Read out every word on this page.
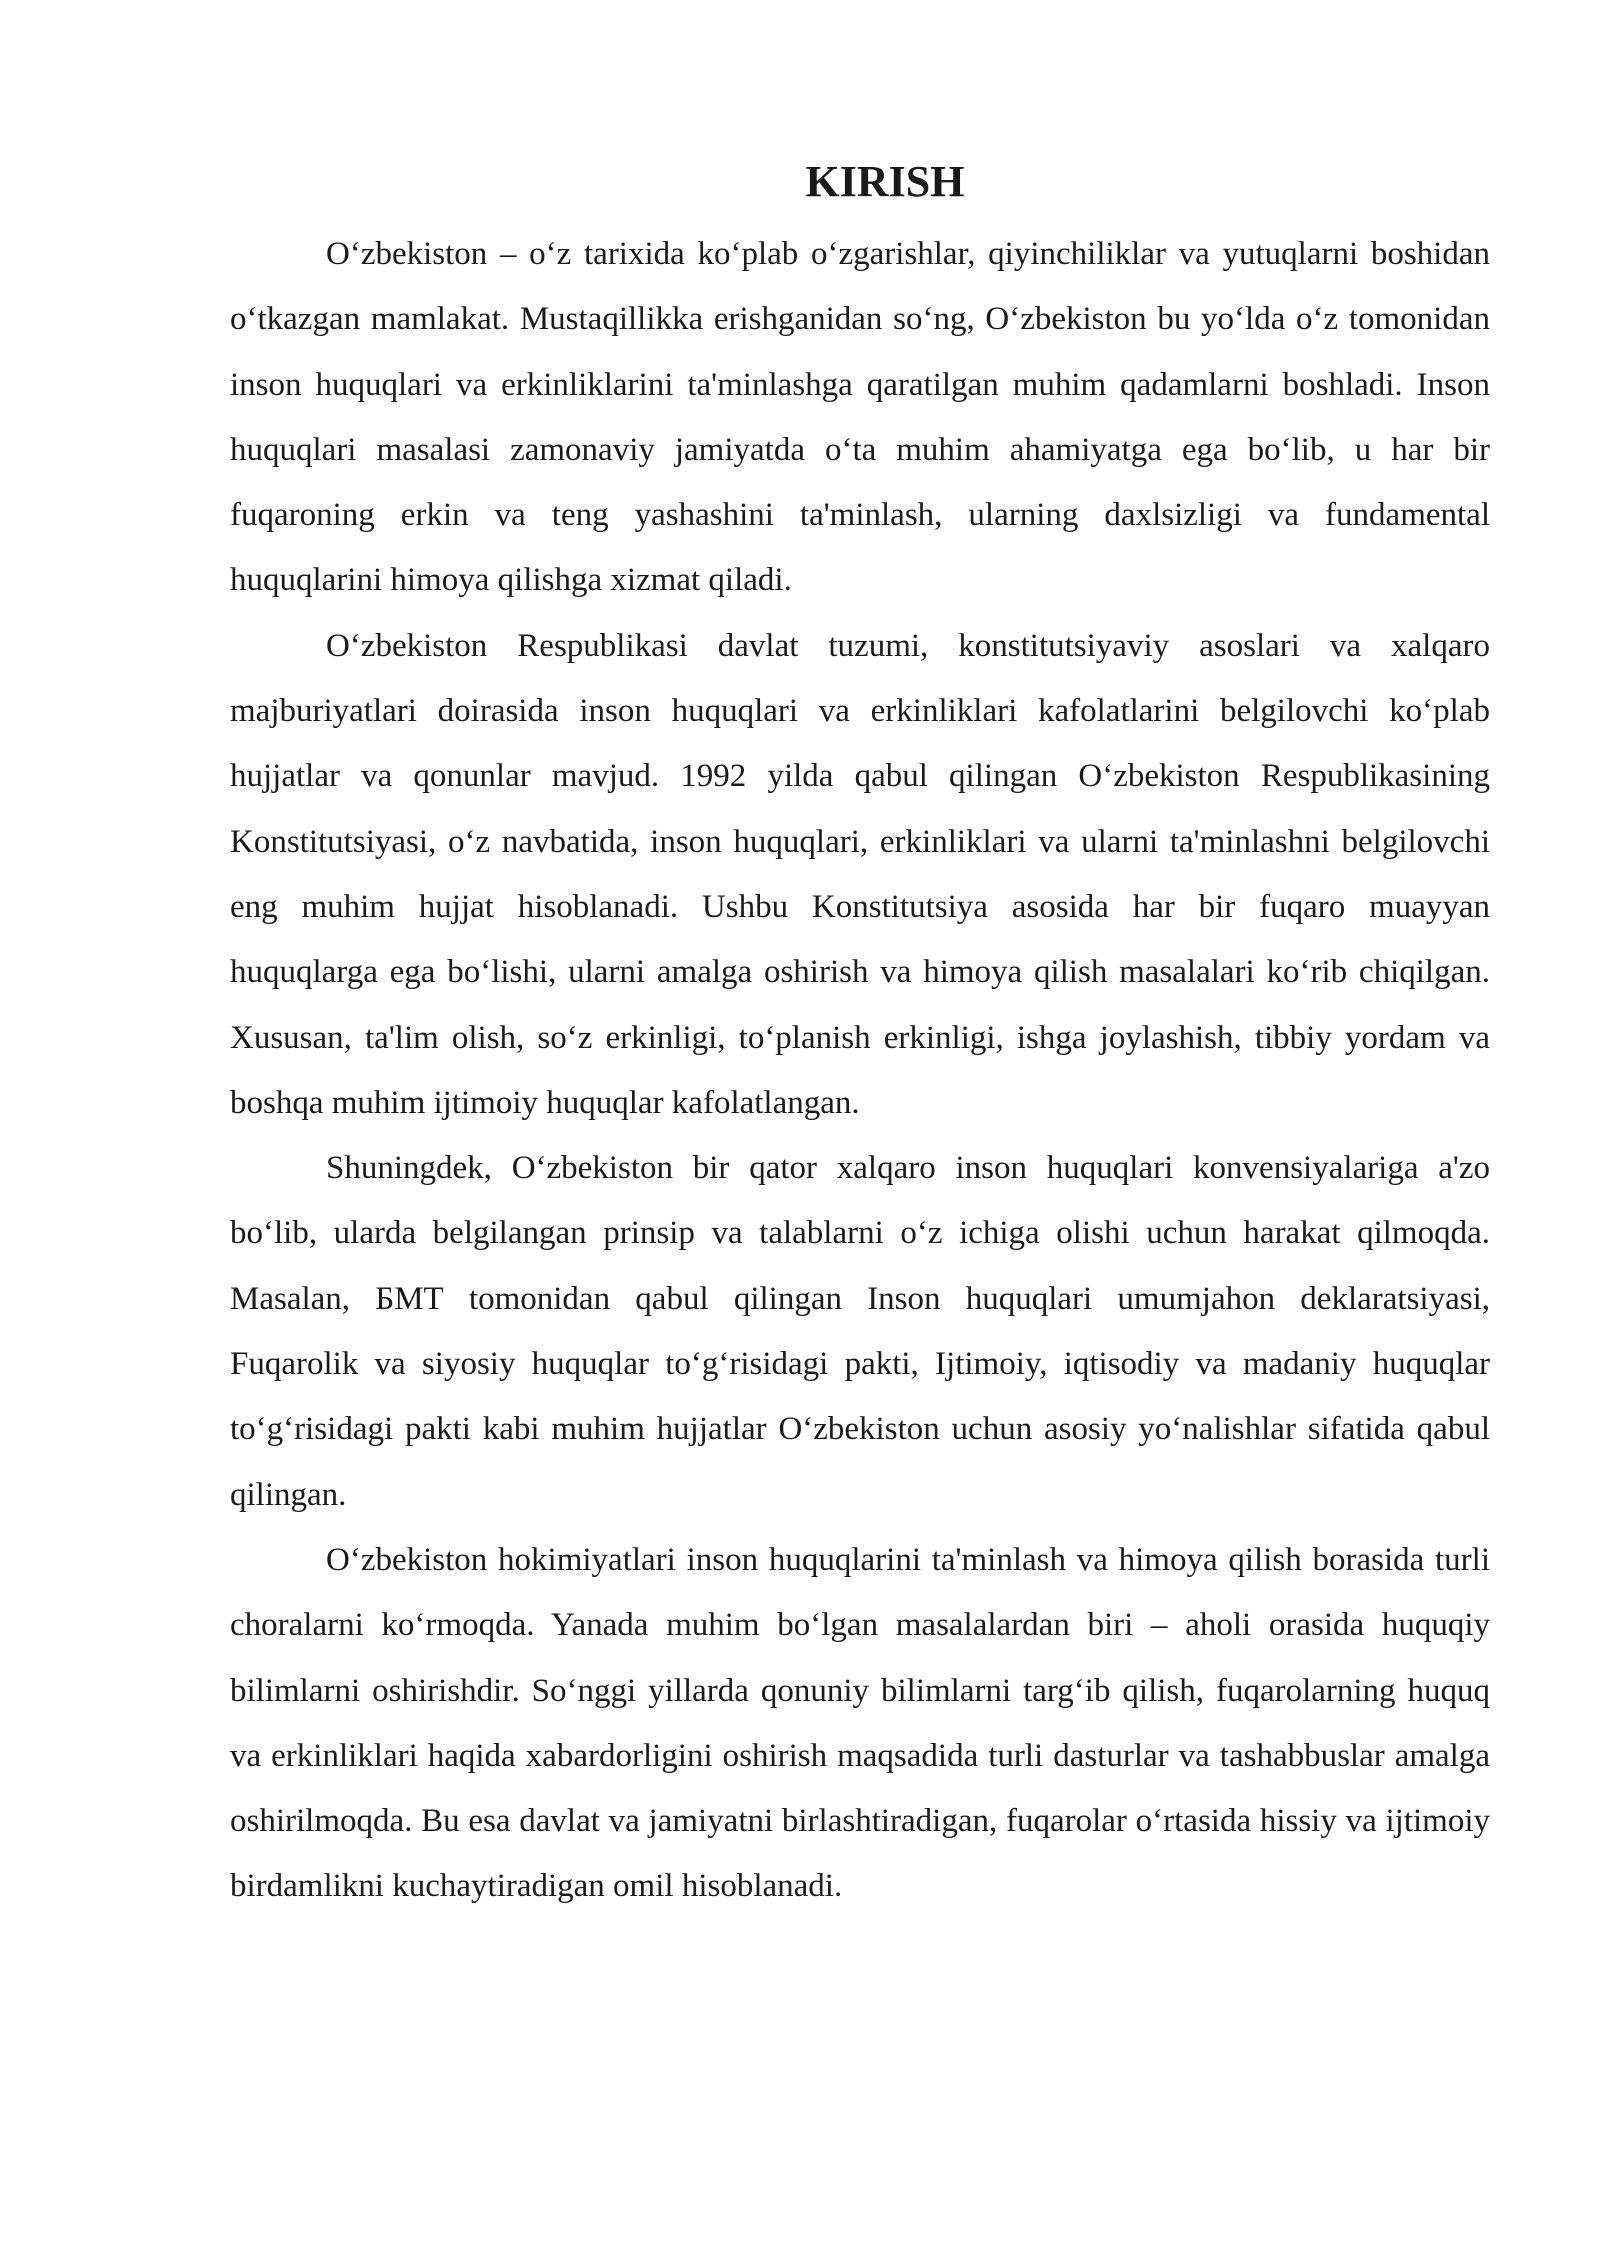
KIRISH

O‘zbekiston – o‘z tarixida ko‘plab o‘zgarishlar, qiyinchiliklar va yutuqlarni boshidan o‘tkazgan mamlakat. Mustaqillikka erishganidan so‘ng, O‘zbekiston bu yo‘lda o‘z tomonidan inson huquqlari va erkinliklarini ta'minlashga qaratilgan muhim qadamlarni boshladi. Inson huquqlari masalasi zamonaviy jamiyatda o‘ta muhim ahamiyatga ega bo‘lib, u har bir fuqaroning erkin va teng yashashini ta'minlash, ularning daxlsizligi va fundamental huquqlarini himoya qilishga xizmat qiladi.

O‘zbekiston Respublikasi davlat tuzumi, konstitutsiyaviy asoslari va xalqaro majburiyatlari doirasida inson huquqlari va erkinliklari kafolatlarini belgilovchi ko‘plab hujjatlar va qonunlar mavjud. 1992 yilda qabul qilingan O‘zbekiston Respublikasining Konstitutsiyasi, o‘z navbatida, inson huquqlari, erkinliklari va ularni ta'minlashni belgilovchi eng muhim hujjat hisoblanadi. Ushbu Konstitutsiya asosida har bir fuqaro muayyan huquqlarga ega bo‘lishi, ularni amalga oshirish va himoya qilish masalalari ko‘rib chiqilgan. Xususan, ta'lim olish, so‘z erkinligi, to‘planish erkinligi, ishga joylashish, tibbiy yordam va boshqa muhim ijtimoiy huquqlar kafolatlangan.

Shuningdek, O‘zbekiston bir qator xalqaro inson huquqlari konvensiyalariga a'zo bo‘lib, ularda belgilangan prinsip va talablarni o‘z ichiga olishi uchun harakat qilmoqda. Masalan, БМТ tomonidan qabul qilingan Inson huquqlari umumjahon deklaratsiyasi, Fuqarolik va siyosiy huquqlar to‘g‘risidagi pakti, Ijtimoiy, iqtisodiy va madaniy huquqlar to‘g‘risidagi pakti kabi muhim hujjatlar O‘zbekiston uchun asosiy yo‘nalishlar sifatida qabul qilingan.

O‘zbekiston hokimiyatlari inson huquqlarini ta'minlash va himoya qilish borasida turli choralarni ko‘rmoqda. Yanada muhim bo‘lgan masalalardan biri – aholi orasida huquqiy bilimlarni oshirishdir. So‘nggi yillarda qonuniy bilimlarni targ‘ib qilish, fuqarolarning huquq va erkinliklari haqida xabardorligini oshirish maqsadida turli dasturlar va tashabbuslar amalga oshirilmoqda. Bu esa davlat va jamiyatni birlashtiradigan, fuqarolar o‘rtasida hissiy va ijtimoiy birdamlikni kuchaytiradigan omil hisoblanadi.
